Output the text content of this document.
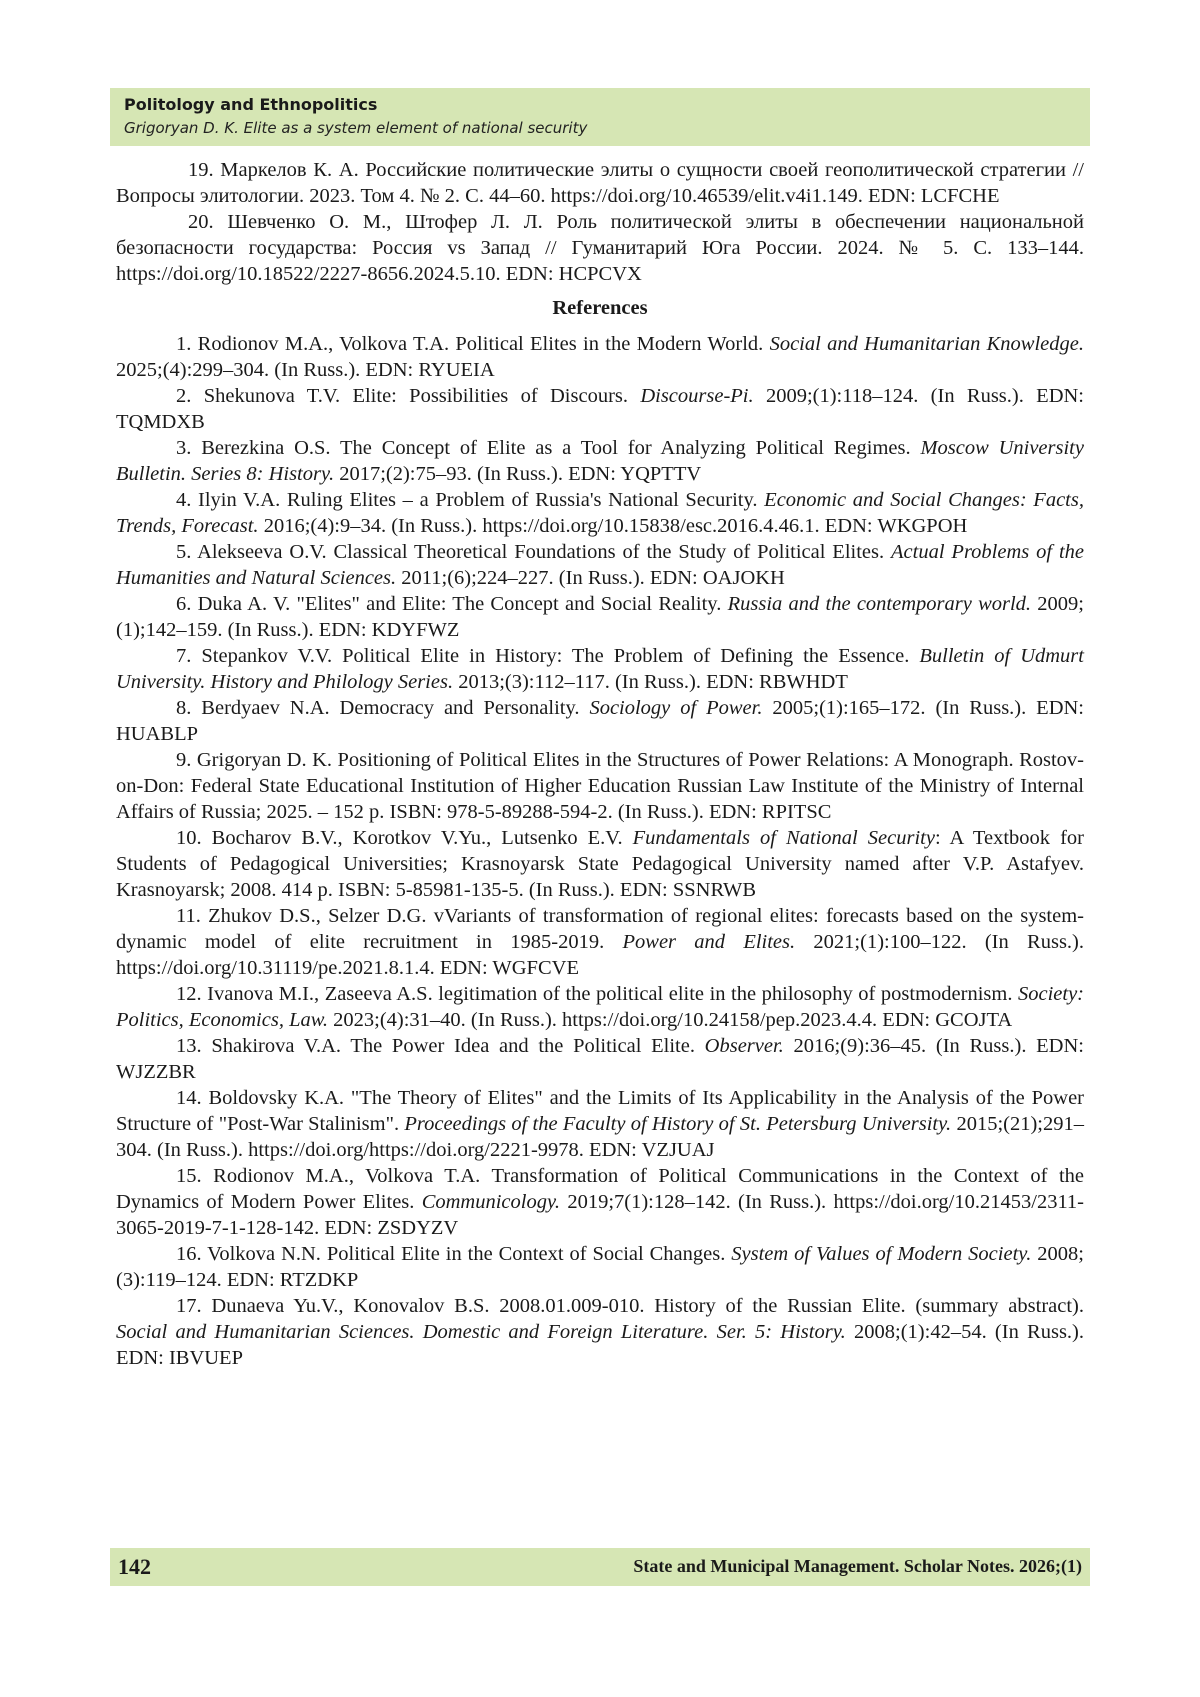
Politology and Ethnopolitics
Grigoryan D. K. Elite as a system element of national security

19. Маркелов К. А. Российские политические элиты о сущности своей геополитической стратегии // Вопросы элитологии. 2023. Том 4. № 2. С. 44–60. https://doi.org/10.46539/elit.v4i1.149. EDN: LCFCHE

20. Шевченко О. М., Штофер Л. Л. Роль политической элиты в обеспечении национальной безопасности государства: Россия vs Запад // Гуманитарий Юга России. 2024. № 5. С. 133–144. https://doi.org/10.18522/2227-8656.2024.5.10. EDN: HCPCVX

References

1. Rodionov M.A., Volkova T.A. Political Elites in the Modern World. Social and Humanitarian Knowledge. 2025;(4):299–304. (In Russ.). EDN: RYUEIA

2. Shekunova T.V. Elite: Possibilities of Discours. Discourse-Pi. 2009;(1):118–124. (In Russ.). EDN: TQMDXB

3. Berezkina O.S. The Concept of Elite as a Tool for Analyzing Political Regimes. Moscow University Bulletin. Series 8: History. 2017;(2):75–93. (In Russ.). EDN: YQPTTV

4. Ilyin V.A. Ruling Elites – a Problem of Russia's National Security. Economic and Social Changes: Facts, Trends, Forecast. 2016;(4):9–34. (In Russ.). https://doi.org/10.15838/esc.2016.4.46.1. EDN: WKGPOH

5. Alekseeva O.V. Classical Theoretical Foundations of the Study of Political Elites. Actual Problems of the Humanities and Natural Sciences. 2011;(6);224–227. (In Russ.). EDN: OAJOKH

6. Duka A. V. "Elites" and Elite: The Concept and Social Reality. Russia and the contemporary world. 2009;(1);142–159. (In Russ.). EDN: KDYFWZ

7. Stepankov V.V. Political Elite in History: The Problem of Defining the Essence. Bulletin of Udmurt University. History and Philology Series. 2013;(3):112–117. (In Russ.). EDN: RBWHDT

8. Berdyaev N.A. Democracy and Personality. Sociology of Power. 2005;(1):165–172. (In Russ.). EDN: HUABLP

9. Grigoryan D. K. Positioning of Political Elites in the Structures of Power Relations: A Monograph. Rostov-on-Don: Federal State Educational Institution of Higher Education Russian Law Institute of the Ministry of Internal Affairs of Russia; 2025. – 152 p. ISBN: 978-5-89288-594-2. (In Russ.). EDN: RPITSC

10. Bocharov B.V., Korotkov V.Yu., Lutsenko E.V. Fundamentals of National Security: A Textbook for Students of Pedagogical Universities; Krasnoyarsk State Pedagogical University named after V.P. Astafyev. Krasnoyarsk; 2008. 414 p. ISBN: 5-85981-135-5. (In Russ.). EDN: SSNRWB

11. Zhukov D.S., Selzer D.G. vVariants of transformation of regional elites: forecasts based on the system-dynamic model of elite recruitment in 1985-2019. Power and Elites. 2021;(1):100–122. (In Russ.). https://doi.org/10.31119/pe.2021.8.1.4. EDN: WGFCVE

12. Ivanova M.I., Zaseeva A.S. legitimation of the political elite in the philosophy of postmodernism. Society: Politics, Economics, Law. 2023;(4):31–40. (In Russ.). https://doi.org/10.24158/pep.2023.4.4. EDN: GCOJTA

13. Shakirova V.A. The Power Idea and the Political Elite. Observer. 2016;(9):36–45. (In Russ.). EDN: WJZZBR

14. Boldovsky K.A. "The Theory of Elites" and the Limits of Its Applicability in the Analysis of the Power Structure of "Post-War Stalinism". Proceedings of the Faculty of History of St. Petersburg University. 2015;(21);291–304. (In Russ.). https://doi.org/https://doi.org/2221-9978. EDN: VZJUAJ

15. Rodionov M.A., Volkova T.A. Transformation of Political Communications in the Context of the Dynamics of Modern Power Elites. Communicology. 2019;7(1):128–142. (In Russ.). https://doi.org/10.21453/2311-3065-2019-7-1-128-142. EDN: ZSDYZV

16. Volkova N.N. Political Elite in the Context of Social Changes. System of Values of Modern Society. 2008;(3):119–124. EDN: RTZDKP

17. Dunaeva Yu.V., Konovalov B.S. 2008.01.009-010. History of the Russian Elite. (summary abstract). Social and Humanitarian Sciences. Domestic and Foreign Literature. Ser. 5: History. 2008;(1):42–54. (In Russ.). EDN: IBVUEP

142	State and Municipal Management. Scholar Notes. 2026;(1)
